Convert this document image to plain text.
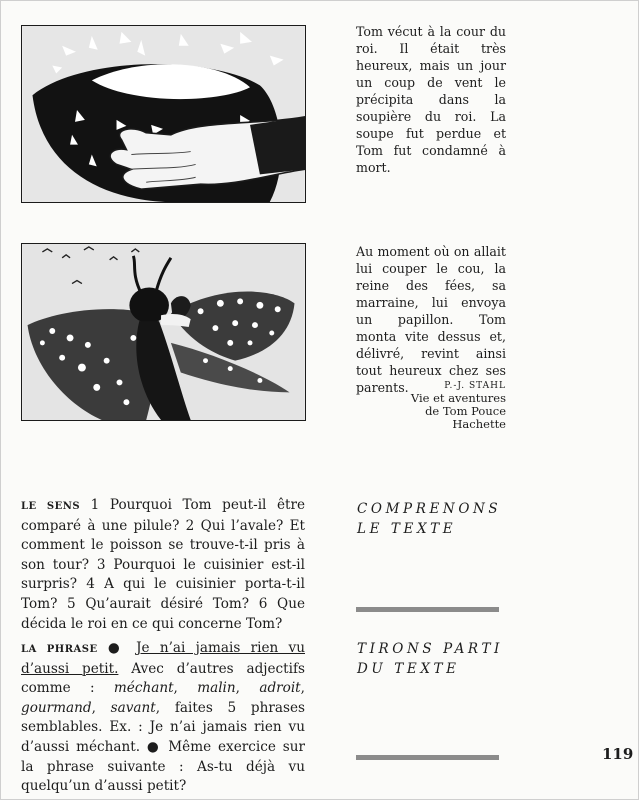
Tom vécut à la cour du roi. Il était très heureux, mais un jour un coup de vent le précipita dans la soupière du roi. La soupe fut perdue et Tom fut condamné à mort.

Au moment où on allait lui couper le cou, la reine des fées, sa marraine, lui envoya un papillon. Tom monta vite dessus et, délivré, revint ainsi tout heureux chez ses parents.	P.-J. STAHL
Vie et aventures
de Tom Pouce
Hachette

LE SENS 1 Pourquoi Tom peut-il être comparé à une pilule? 2 Qui l’avale? Et comment le poisson se trouve-t-il pris à son tour? 3 Pourquoi le cuisinier est-il surpris? 4 A qui le cuisinier porta-t-il Tom? 5 Qu’aurait désiré Tom? 6 Que décida le roi en ce qui concerne Tom?

COMPRENONS
LE TEXTE

LA PHRASE ● Je n’ai jamais rien vu d’aussi petit. Avec d’autres adjectifs comme : méchant, malin, adroit, gourmand, savant, faites 5 phrases semblables. Ex. : Je n’ai jamais rien vu d’aussi méchant. ● Même exercice sur la phrase suivante : As-tu déjà vu quelqu’un d’aussi petit?

TIRONS PARTI
DU TEXTE
119
